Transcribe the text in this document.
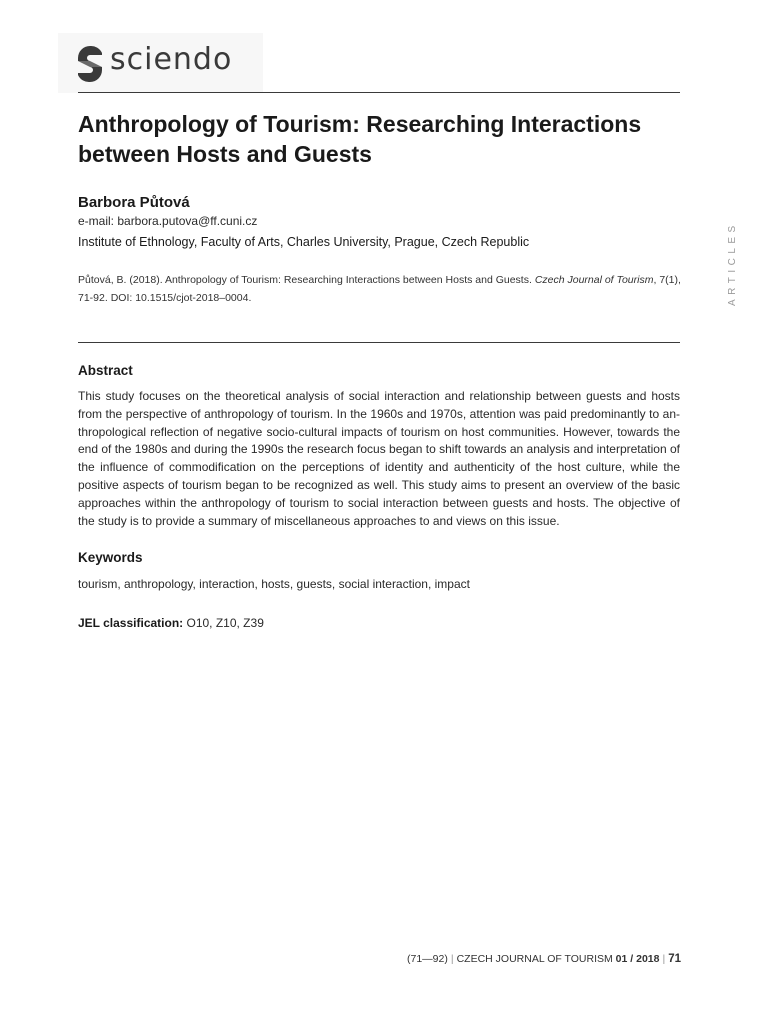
sciendo
Anthropology of Tourism: Researching Interactions between Hosts and Guests
Barbora Půtová
e-mail: barbora.putova@ff.cuni.cz
Institute of Ethnology, Faculty of Arts, Charles University, Prague, Czech Republic
Půtová, B. (2018). Anthropology of Tourism: Researching Interactions between Hosts and Guests. Czech Journal of Tourism, 7(1), 71-92. DOI: 10.1515/cjot-2018–0004.	ARTICLES
Abstract

This study focuses on the theoretical analysis of social interaction and relationship between guests and hosts from the perspective of anthropology of tourism. In the 1960s and 1970s, attention was paid predominantly to an-thropological reflection of negative socio-cultural impacts of tourism on host communities. However, towards the end of the 1980s and during the 1990s the research focus began to shift towards an analysis and interpretation of the influence of commodification on the perceptions of identity and authenticity of the host culture, while the positive aspects of tourism began to be recognized as well. This study aims to present an overview of the basic approaches within the anthropology of tourism to social interaction between guests and hosts. The objective of the study is to provide a summary of miscellaneous approaches to and views on this issue.

Keywords
tourism, anthropology, interaction, hosts, guests, social interaction, impact
JEL classification: O10, Z10, Z39
(71—92) | CZECH JOURNAL OF TOURISM 01 / 2018 | 71
